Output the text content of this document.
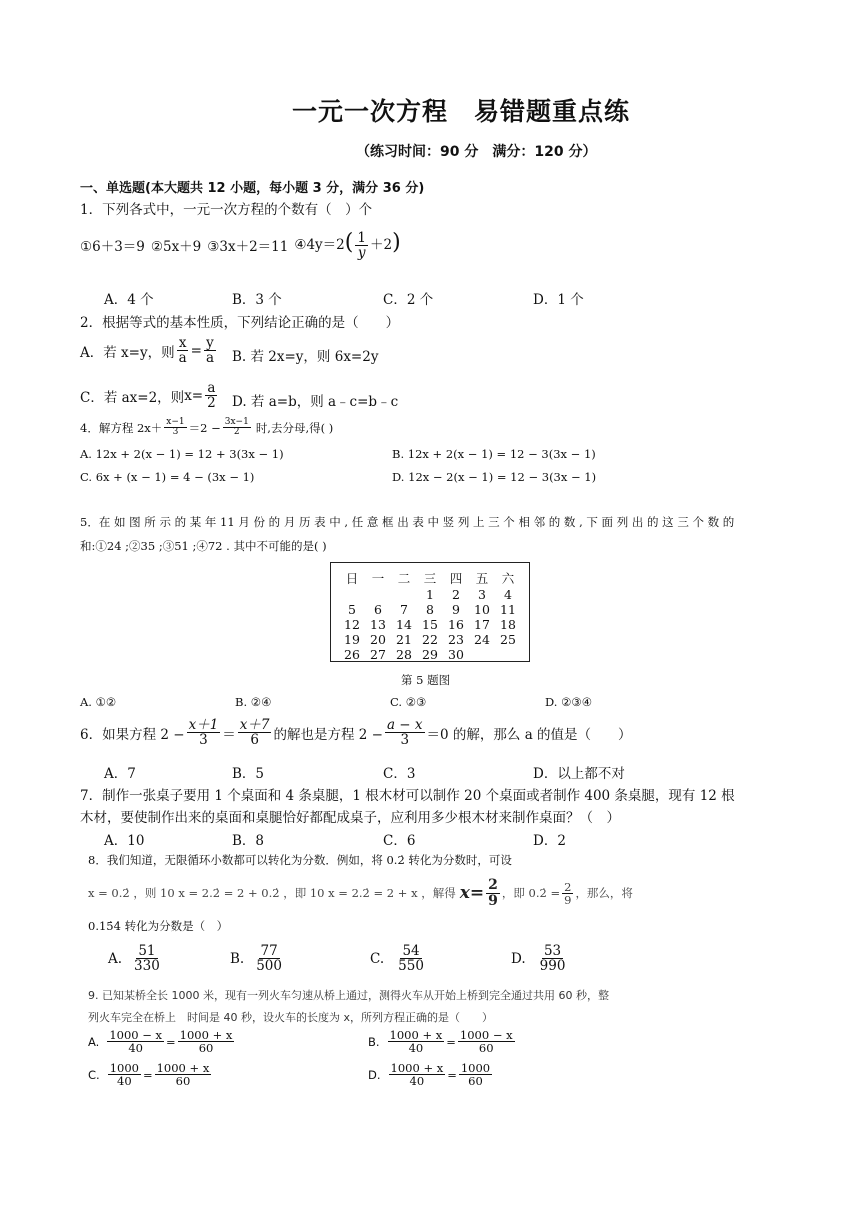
一元一次方程　易错题重点练
（练习时间：90 分　满分：120 分）
一、单选题(本大题共 12 小题，每小题 3 分，满分 36 分)
1．下列各式中，一元一次方程的个数有（　）个
①6＋3＝9 ②5x＋9 ③3x＋2＝11 ④4y＝2( $\frac{1}{y} +2$)
A．4 个	B．3 个	C．2 个	D．1 个
2．根据等式的基本性质，下列结论正确的是（　　）
A．若 x=y，则 $\frac{x}{a} = \frac{y}{a} B$. 若 2x=y，则 6x=2y
C．若 ax=2，则 $x= \frac{a}{2} D$. 若 a=b，则 a﹣c=b﹣c
4．解方程 $2x+ \frac{x-1}{3} =2 - \frac{3x-1}{2}$ 时,去分母,得( )
A. 12x + 2(x − 1) = 12 + 3(3x − 1)	B. 12x + 2(x − 1) = 12 − 3(3x − 1)
C. 6x + (x − 1) = 4 − (3x − 1)	D. 12x − 2(x − 1) = 12 − 3(3x − 1)
5．在 如 图 所 示 的 某 年 11 月 份 的 月 历 表 中 , 任 意 框 出 表 中 竖 列 上 三 个 相 邻 的 数 , 下 面 列 出 的 这 三 个 数 的
和:①24 ;②35 ;③51 ;④72 . 其中不可能的是( )
日	一	二	三	四	五	六
			1	2	3	4
5	6	7	8	9	10	11
12	13	14	15	16	17	18
19	20	21	22	23	24	25
26	27	28	29	30		
第 5 题图
A. ①②	B. ②④	C. ②③	D. ②③④
6．如果方程 $2 - \frac{x+1}{3} = \frac{x+7}{6}$ 的解也是方程 $2 - \frac{a - x}{3} =0$ 的解，那么 a 的值是（　　）
A．7	B．5	C．3	D．以上都不对
7．制作一张桌子要用 1 个桌面和 4 条桌腿，1 根木材可以制作 20 个桌面或者制作 400 条桌腿，现有 12 根
木材，要使制作出来的桌面和桌腿恰好都配成桌子，应利用多少根木材来制作桌面？（　）
A．10	B．8	C．6	D．2
8．我们知道，无限循环小数都可以转化为分数．例如，将 0.2̇ 转化为分数时，可设
x = 0.2̇ ，则 10 x = 2.2̇ = 2 + 0.2̇ ，即 10 x = 2.2̇ = 2 + x ，解得 $x= \frac{2}{9}$ ，即 0.2̇ = $\frac{2}{9}$ ，那么，将
0.15̇4̇ 转化为分数是（　）
A. $\frac{51}{330}$	B. $\frac{77}{500}$	C. $\frac{54}{550}$	D. $\frac{53}{990}$
9. 已知某桥全长 1000 米，现有一列火车匀速从桥上通过，测得火车从开始上桥到完全通过共用 60 秒，整
列火车完全在桥上　时间是 40 秒，设火车的长度为 x，所列方程正确的是（　　）
A. $\frac{1000 - x}{40} = \frac{1000 + x}{60}$	B. $\frac{1000 + x}{40} = \frac{1000 - x}{60}$
C. $\frac{1000}{40} = \frac{1000 + x}{60}$	D. $\frac{1000 + x}{40} = \frac{1000}{60}$
